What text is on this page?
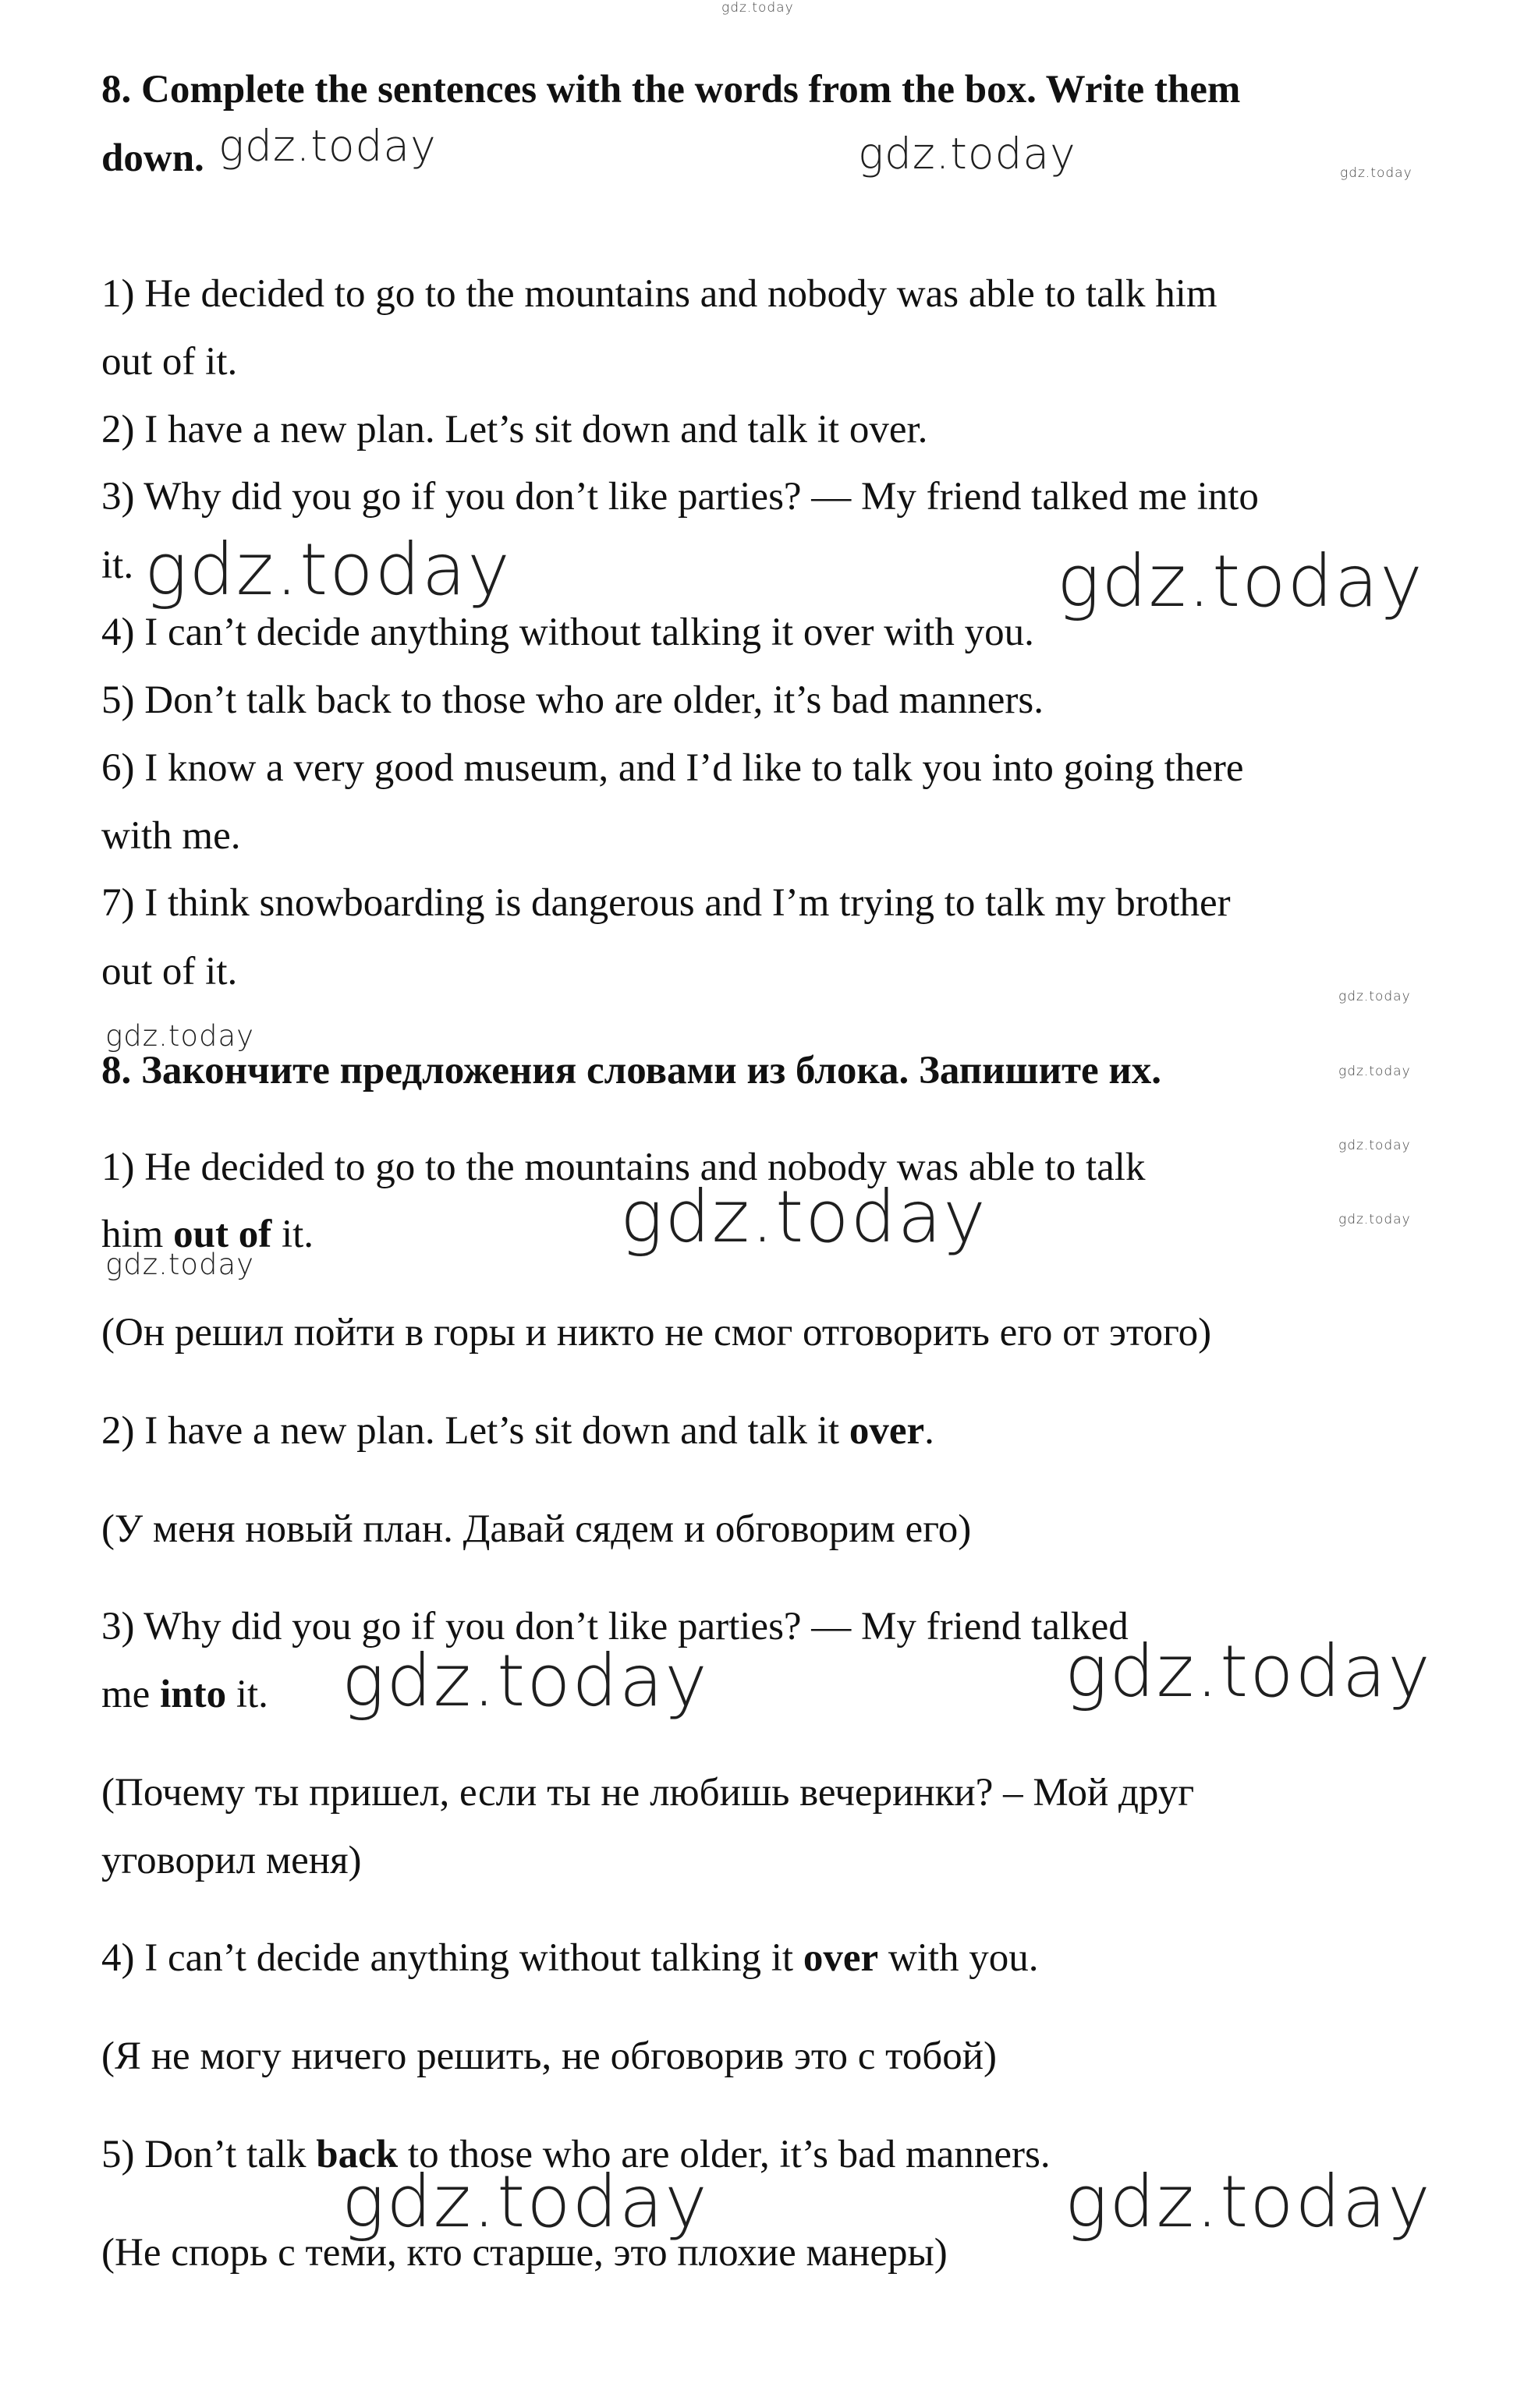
8. Complete the sentences with the words from the box. Write them

down.

1) He decided to go to the mountains and nobody was able to talk him

out of it.

2) I have a new plan. Let’s sit down and talk it over.

3) Why did you go if you don’t like parties? — My friend talked me into

it.

4) I can’t decide anything without talking it over with you.

5) Don’t talk back to those who are older, it’s bad manners.

6) I know a very good museum, and I’d like to talk you into going there

with me.

7) I think snowboarding is dangerous and I’m trying to talk my brother

out of it.

8. Закончите предложения словами из блока. Запишите их.

1) He decided to go to the mountains and nobody was able to talk

him out of it.

(Он решил пойти в горы и никто не смог отговорить его от этого)

2) I have a new plan. Let’s sit down and talk it over.

(У меня новый план. Давай сядем и обговорим его)

3) Why did you go if you don’t like parties? — My friend talked

me into it.

(Почему ты пришел, если ты не любишь вечеринки? – Мой друг

уговорил меня)

4) I can’t decide anything without talking it over with you.

(Я не могу ничего решить, не обговорив это с тобой)

5) Don’t talk back to those who are older, it’s bad manners.

(Не спорь с теми, кто старше, это плохие манеры)

gdz.today
gdz.today	gdz.today	gdz.today
gdz.today	gdz.today
gdz.today
gdz.today
gdz.today
gdz.today
gdz.today	gdz.today
gdz.today
gdz.today	gdz.today
gdz.today	gdz.today
